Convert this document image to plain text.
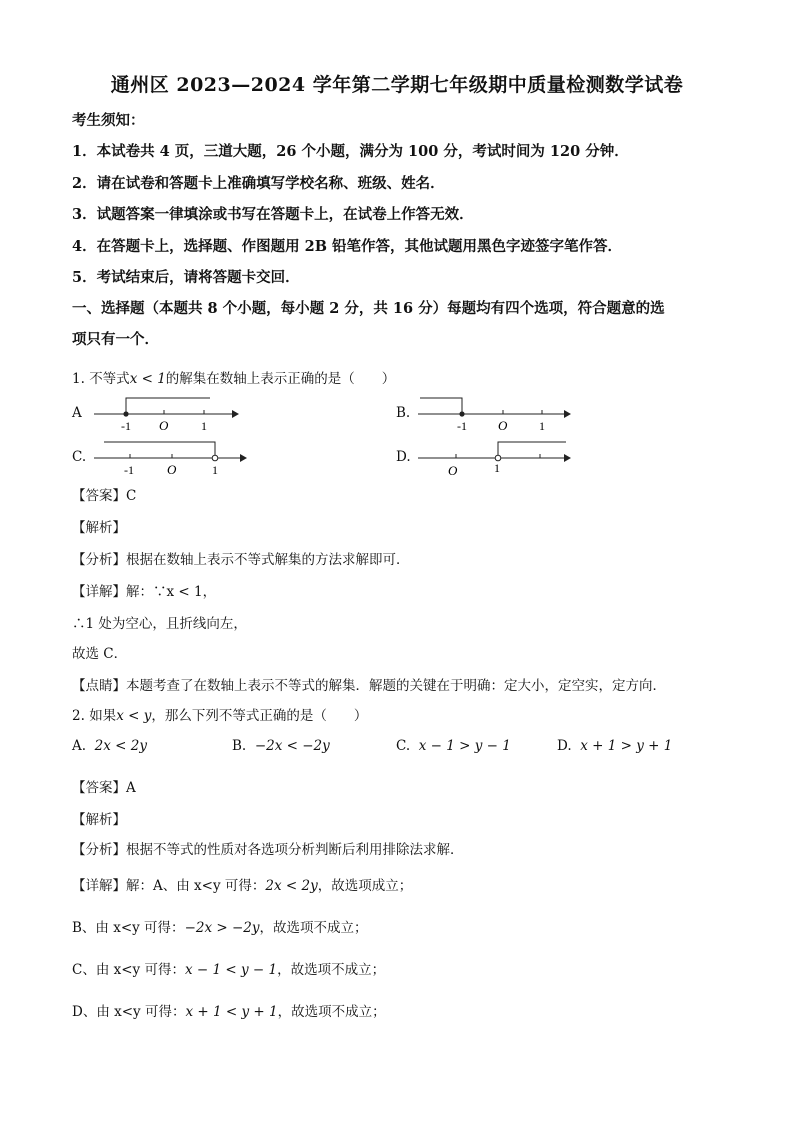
通州区 2023—2024 学年第二学期七年级期中质量检测数学试卷
考生须知：
1．本试卷共 4 页，三道大题，26 个小题，满分为 100 分，考试时间为 120 分钟．
2．请在试卷和答题卡上准确填写学校名称、班级、姓名．
3．试题答案一律填涂或书写在答题卡上，在试卷上作答无效．
4．在答题卡上，选择题、作图题用 2B 铅笔作答，其他试题用黑色字迹签字笔作答．
5．考试结束后，请将答题卡交回．
一、选择题（本题共 8 个小题，每小题 2 分，共 16 分）每题均有四个选项，符合题意的选
项只有一个．
1. 不等式x < 1的解集在数轴上表示正确的是（　　）
A
-1 O	1
B.
-1 O	1
C.
-1	O	1
D.
O	1
【答案】C
【解析】
【分析】根据在数轴上表示不等式解集的方法求解即可．
【详解】解：∵x < 1，
∴1 处为空心，且折线向左，
故选 C．
【点睛】本题考查了在数轴上表示不等式的解集．解题的关键在于明确：定大小，定空实，定方向．
2. 如果x < y，那么下列不等式正确的是（　　）
A. 2x < 2y	B. −2x < −2y	C. x − 1 > y − 1	D. x + 1 > y + 1
【答案】A
【解析】
【分析】根据不等式的性质对各选项分析判断后利用排除法求解．
【详解】解：A、由 x<y 可得：2x < 2y，故选项成立；
B、由 x<y 可得：−2x > −2y，故选项不成立；
C、由 x<y 可得：x − 1 < y − 1，故选项不成立；
D、由 x<y 可得：x + 1 < y + 1，故选项不成立；
